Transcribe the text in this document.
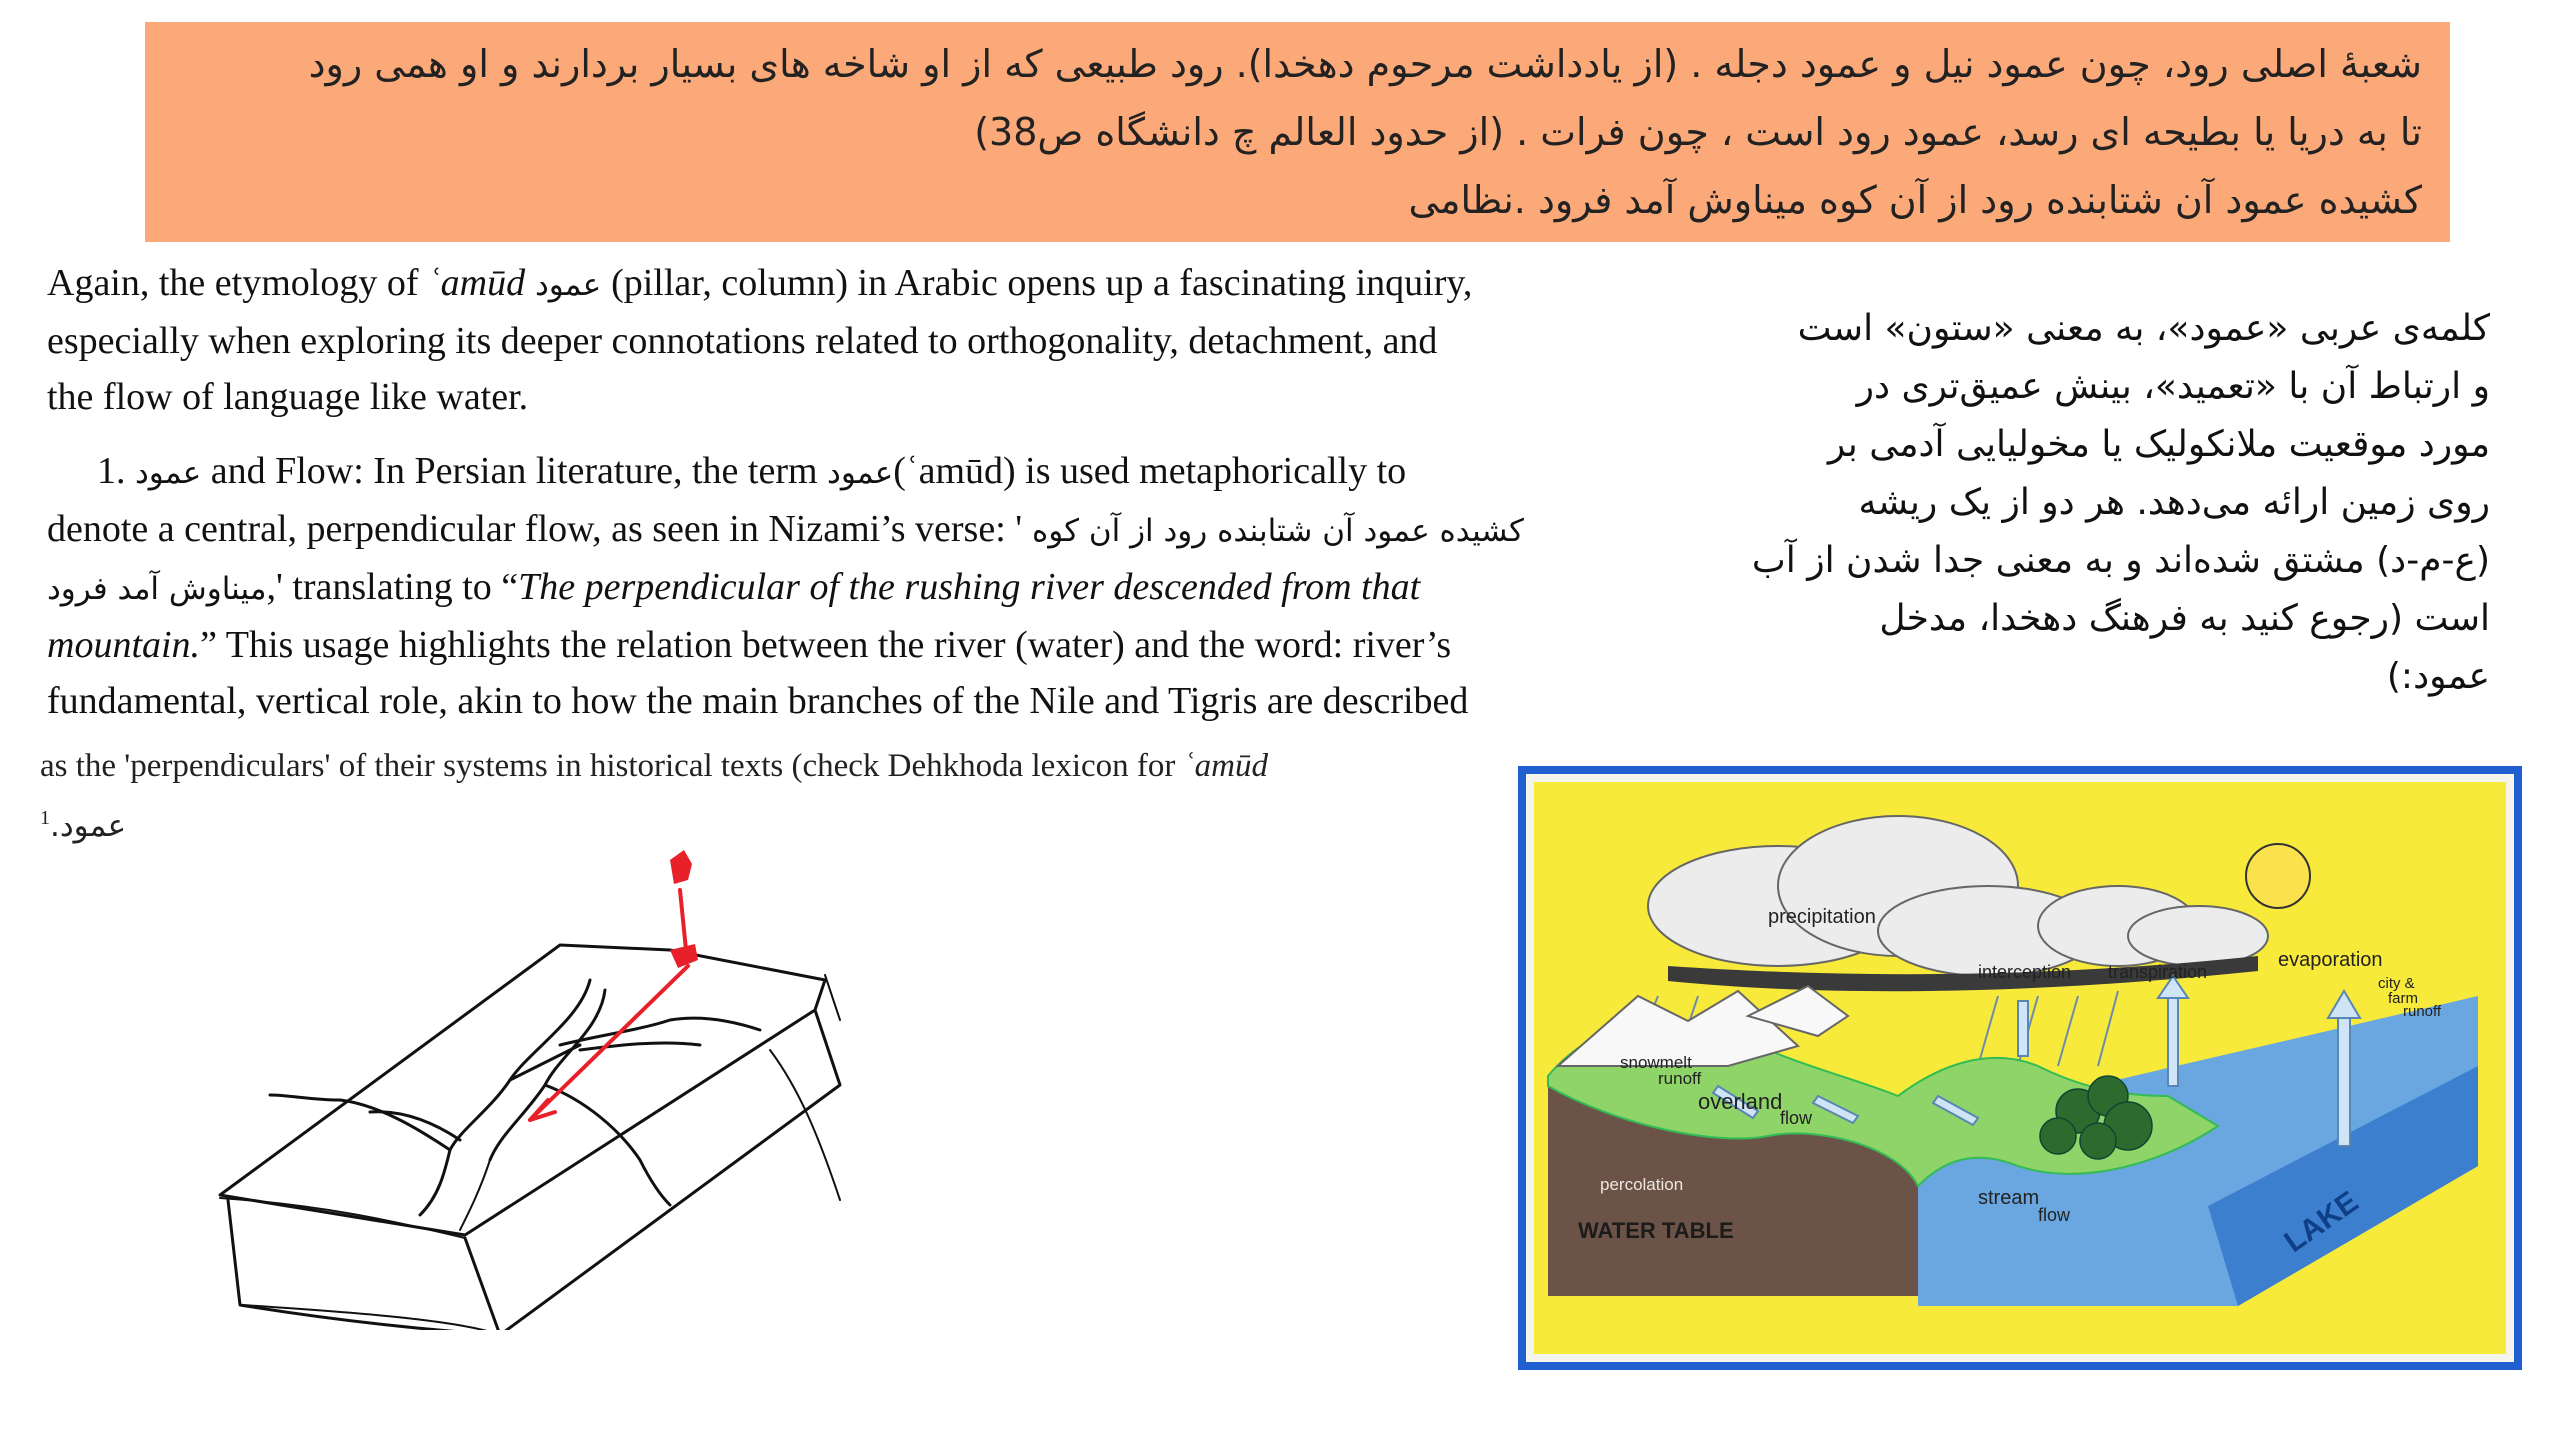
شعبهٔ اصلی رود، چون عمود نیل و عمود دجله . (از یادداشت مرحوم دهخدا). رود طبیعی که از او شاخه های بسیار بردارند و او همی رود
تا به دریا یا بطیحه ای رسد، عمود رود است ، چون فرات . (از حدود العالم چ دانشگاه ص38)
کشیده عمود آن شتابنده رود از آن کوه میناوش آمد فرود .نظامی
Again, the etymology of ʿamūd عمود (pillar, column) in Arabic opens up a fascinating inquiry,
especially when exploring its deeper connotations related to orthogonality, detachment, and
the flow of language like water.
1. عمود and Flow: In Persian literature, the term عمود(ʿamūd) is used metaphorically to
denote a central, perpendicular flow, as seen in Nizami’s verse: ' کشیده عمود آن شتابنده رود از آن کوه
میناوش آمد فرود,' translating to “The perpendicular of the rushing river descended from that
mountain.” This usage highlights the relation between the river (water) and the word: river’s
fundamental, vertical role, akin to how the main branches of the Nile and Tigris are described
as the 'perpendiculars' of their systems in historical texts (check Dehkhoda lexicon for ʿamūd
عمود.$^1$
کلمه‌ی عربی «عمود»، به معنی «ستون» است
و ارتباط آن با «تعمید»، بینش عمیق‌تری در
مورد موقعیت ملانکولیک یا مخولیایی آدمی بر
روی زمین ارائه می‌دهد. هر دو از یک ریشه
(ع-م-د) مشتق شده‌اند و به معنی جدا شدن از آب
است (رجوع کنید به فرهنگ دهخدا، مدخل
عمود:)
precipitation
interception transpiration
evaporation
city &
farm
runoff
snowmelt
runoff
overland
flow
percolation
WATER TABLE
stream
flow	LAKE
